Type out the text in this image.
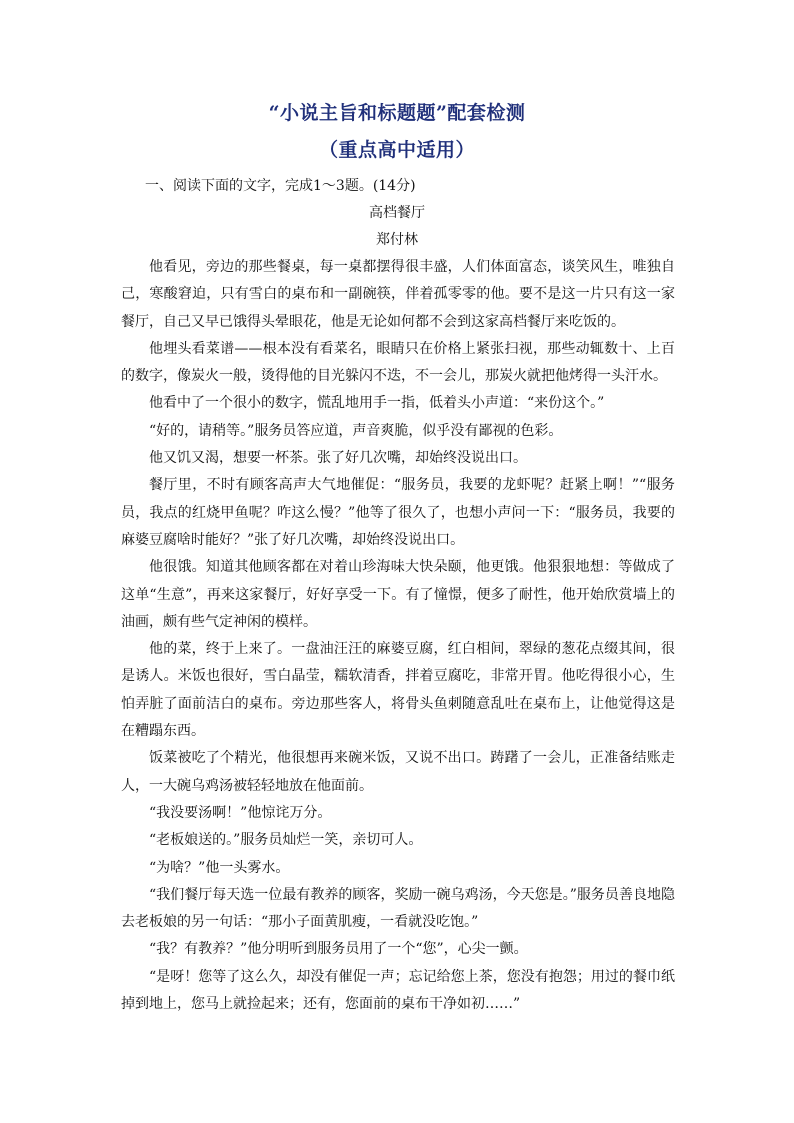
“小说主旨和标题题”配套检测
（重点高中适用）
一、阅读下面的文字，完成1～3题。(14分)
高档餐厅
郑付林

他看见，旁边的那些餐桌，每一桌都摆得很丰盛，人们体面富态，谈笑风生，唯独自己，寒酸窘迫，只有雪白的桌布和一副碗筷，伴着孤零零的他。要不是这一片只有这一家餐厅，自己又早已饿得头晕眼花，他是无论如何都不会到这家高档餐厅来吃饭的。

他埋头看菜谱——根本没有看菜名，眼睛只在价格上紧张扫视，那些动辄数十、上百的数字，像炭火一般，烫得他的目光躲闪不迭，不一会儿，那炭火就把他烤得一头汗水。

他看中了一个很小的数字，慌乱地用手一指，低着头小声道：“来份这个。”

“好的，请稍等。”服务员答应道，声音爽脆，似乎没有鄙视的色彩。

他又饥又渴，想要一杯茶。张了好几次嘴，却始终没说出口。

餐厅里，不时有顾客高声大气地催促：“服务员，我要的龙虾呢？赶紧上啊！”“服务员，我点的红烧甲鱼呢？咋这么慢？”他等了很久了，也想小声问一下：“服务员，我要的麻婆豆腐啥时能好？”张了好几次嘴，却始终没说出口。

他很饿。知道其他顾客都在对着山珍海味大快朵颐，他更饿。他狠狠地想：等做成了这单“生意”，再来这家餐厅，好好享受一下。有了憧憬，便多了耐性，他开始欣赏墙上的油画，颇有些气定神闲的模样。

他的菜，终于上来了。一盘油汪汪的麻婆豆腐，红白相间，翠绿的葱花点缀其间，很是诱人。米饭也很好，雪白晶莹，糯软清香，拌着豆腐吃，非常开胃。他吃得很小心，生怕弄脏了面前洁白的桌布。旁边那些客人，将骨头鱼刺随意乱吐在桌布上，让他觉得这是在糟蹋东西。

饭菜被吃了个精光，他很想再来碗米饭，又说不出口。踌躇了一会儿，正准备结账走人，一大碗乌鸡汤被轻轻地放在他面前。

“我没要汤啊！”他惊诧万分。

“老板娘送的。”服务员灿烂一笑，亲切可人。

“为啥？”他一头雾水。

“我们餐厅每天选一位最有教养的顾客，奖励一碗乌鸡汤，今天您是。”服务员善良地隐去老板娘的另一句话：“那小子面黄肌瘦，一看就没吃饱。”

“我？有教养？”他分明听到服务员用了一个“您”，心尖一颤。

“是呀！您等了这么久，却没有催促一声；忘记给您上茶，您没有抱怨；用过的餐巾纸掉到地上，您马上就捡起来；还有，您面前的桌布干净如初……”
